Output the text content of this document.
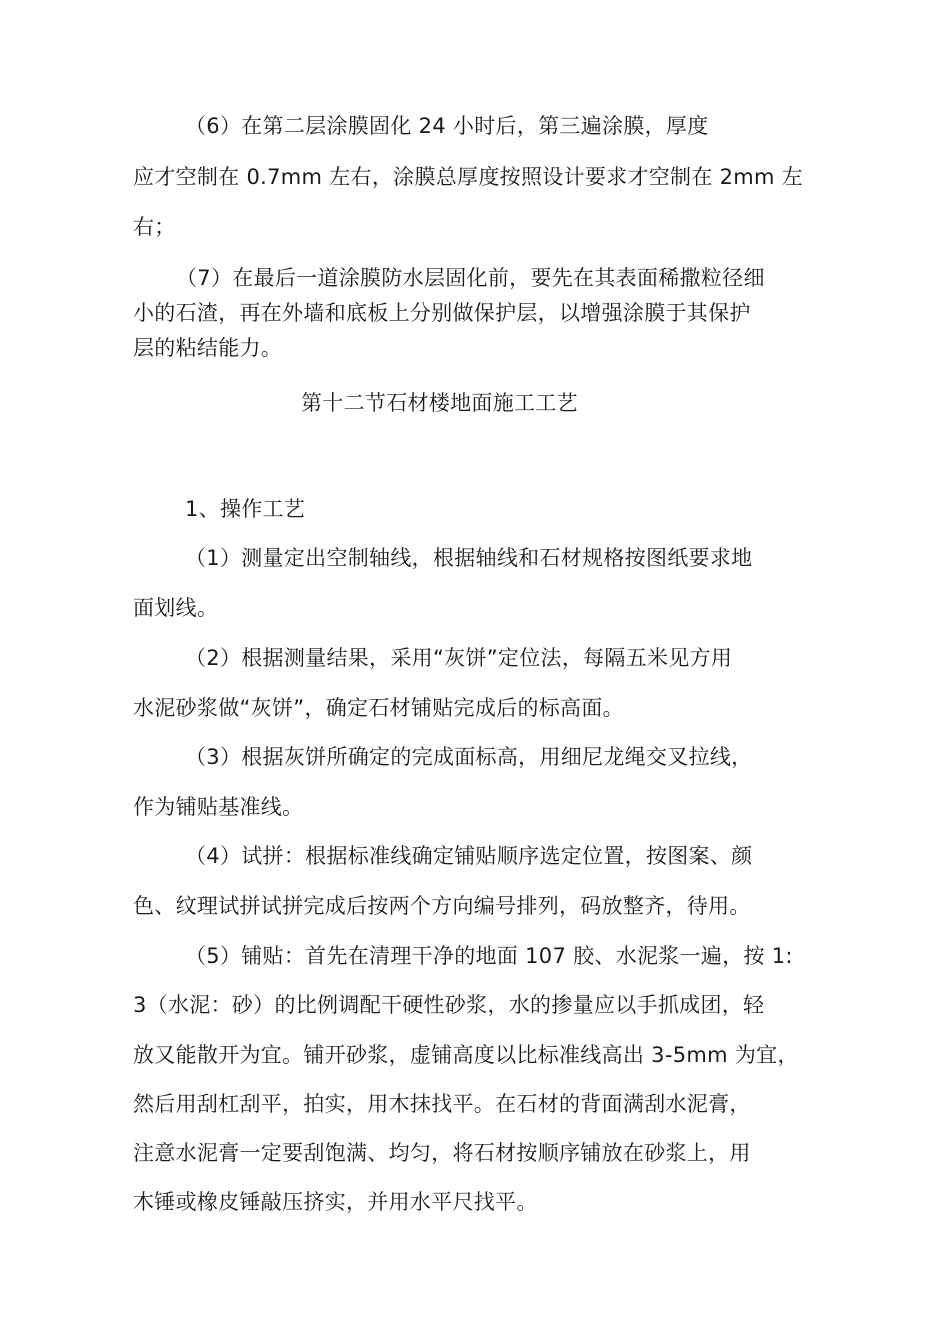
（6）在第二层涂膜固化 24 小时后，第三遍涂膜，厚度
应才空制在 0.7mm 左右，涂膜总厚度按照设计要求才空制在 2mm 左
右；
（7）在最后一道涂膜防水层固化前，要先在其表面稀撒粒径细
小的石渣，再在外墙和底板上分别做保护层，以增强涂膜于其保护
层的粘结能力。
第十二节石材楼地面施工工艺
1、操作工艺
（1）测量定出空制轴线，根据轴线和石材规格按图纸要求地
面划线。
（2）根据测量结果，采用“灰饼”定位法，每隔五米见方用
水泥砂浆做“灰饼”，确定石材铺贴完成后的标高面。
（3）根据灰饼所确定的完成面标高，用细尼龙绳交叉拉线，
作为铺贴基准线。
（4）试拼：根据标准线确定铺贴顺序选定位置，按图案、颜
色、纹理试拼试拼完成后按两个方向编号排列，码放整齐，待用。
（5）铺贴：首先在清理干净的地面 107 胶、水泥浆一遍，按 1:
3（水泥：砂）的比例调配干硬性砂浆，水的掺量应以手抓成团，轻
放又能散开为宜。铺开砂浆，虚铺高度以比标准线高出 3-5mm 为宜，
然后用刮杠刮平，拍实，用木抹找平。在石材的背面满刮水泥膏，
注意水泥膏一定要刮饱满、均匀，将石材按顺序铺放在砂浆上，用
木锤或橡皮锤敲压挤实，并用水平尺找平。
